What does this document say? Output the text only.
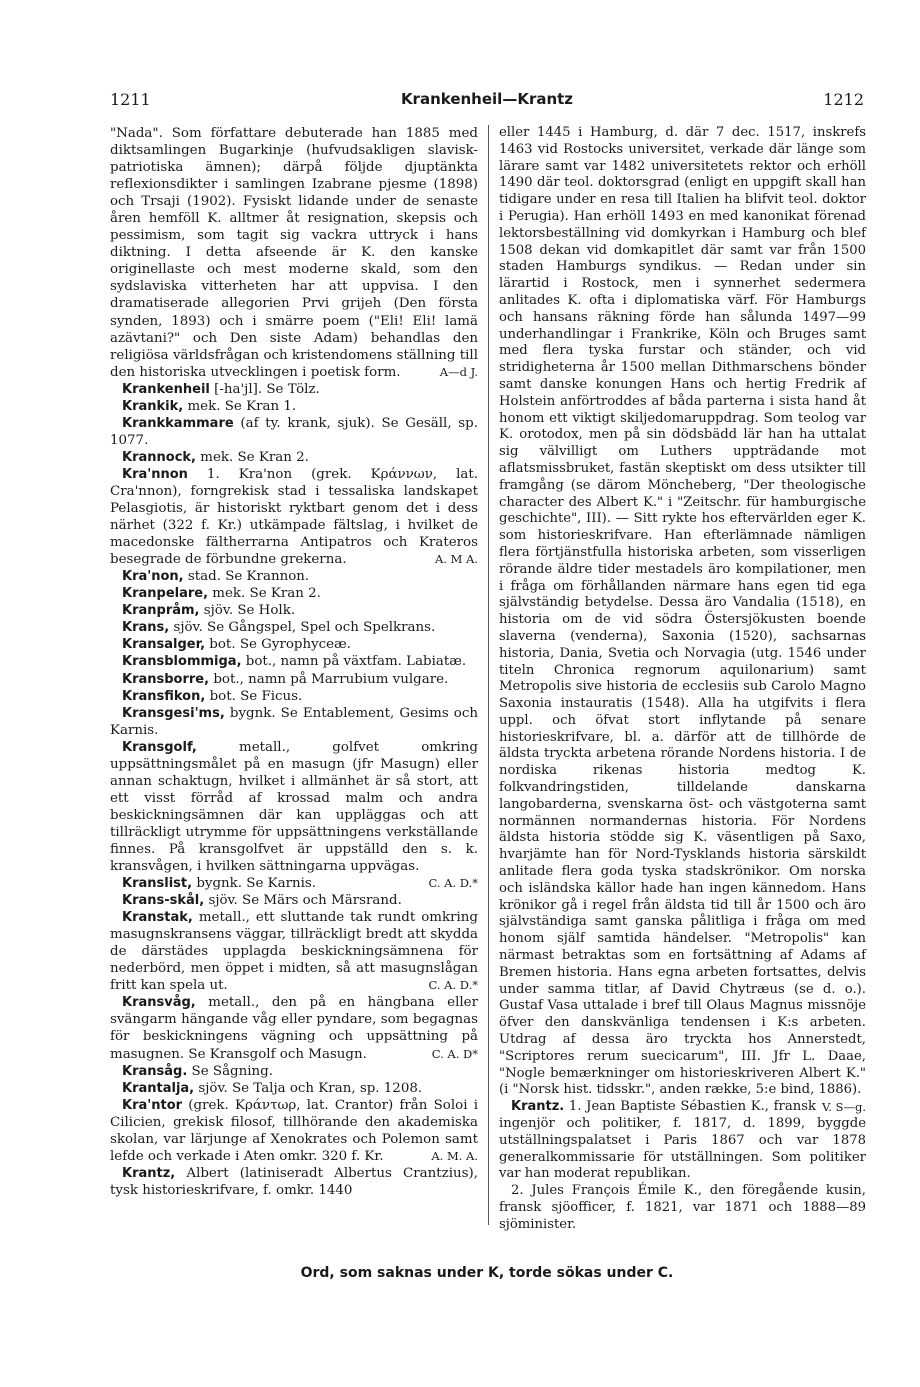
1211	Krankenheil—Krantz	1212

"Nada". Som författare debuterade han 1885 med diktsamlingen Bugarkinje (hufvudsakligen slavisk-patriotiska ämnen); därpå följde djuptänkta reflexionsdikter i samlingen Izabrane pjesme (1898) och Trsaji (1902). Fysiskt lidande under de senaste åren hemföll K. alltmer åt resignation, skepsis och pessimism, som tagit sig vackra uttryck i hans diktning. I detta afseende är K. den kanske originellaste och mest moderne skald, som den sydslaviska vitterheten har att uppvisa. I den dramatiserade allegorien Prvi grijeh (Den första synden, 1893) och i smärre poem ("Eli! Eli! lamä azävtani?" och Den siste Adam) behandlas den religiösa världsfrågan och kristendomens ställning till den historiska utvecklingen i poetisk form.	A—d J.

Krankenheil [-ha'jl]. Se Tölz.

Krankik, mek. Se Kran 1.

Krankkammare (af ty. krank, sjuk). Se Gesäll, sp. 1077.

Krannock, mek. Se Kran 2.

Kra'nnon 1. Kra'non (grek. Κράννων, lat. Cra'nnon), forngrekisk stad i tessaliska landskapet Pelasgiotis, är historiskt ryktbart genom det i dess närhet (322 f. Kr.) utkämpade fältslag, i hvilket de macedonske fältherrarna Antipatros och Krateros besegrade de förbundne grekerna.	A. M A.

Kra'non, stad. Se Krannon.

Kranpelare, mek. Se Kran 2.

Kranpråm, sjöv. Se Holk.

Krans, sjöv. Se Gångspel, Spel och Spelkrans.

Kransalger, bot. Se Gyrophyceæ.

Kransblommiga, bot., namn på växtfam. Labiatæ.

Kransborre, bot., namn på Marrubium vulgare.

Kransfikon, bot. Se Ficus.

Kransgesi'ms, bygnk. Se Entablement, Gesims och Karnis.

Kransgolf, metall., golfvet omkring uppsättningsmålet på en masugn (jfr Masugn) eller annan schaktugn, hvilket i allmänhet är så stort, att ett visst förråd af krossad malm och andra beskickningsämnen där kan uppläggas och att tillräckligt utrymme för uppsättningens verkställande finnes. På kransgolfvet är uppställd den s. k. kransvågen, i hvilken sättningarna uppvägas.
C. A. D.*

Kranslist, bygnk. Se Karnis.

Krans-skål, sjöv. Se Märs och Märsrand.

Kranstak, metall., ett sluttande tak rundt omkring masugnskransens väggar, tillräckligt bredt att skydda de därstädes upplagda beskickningsämnena för nederbörd, men öppet i midten, så att masugnslågan fritt kan spela ut.	C. A. D.*

Kransvåg, metall., den på en hängbana eller svängarm hängande våg eller pyndare, som begagnas för beskickningens vägning och uppsättning på masugnen. Se Kransgolf och Masugn.	C. A. D*

Kransåg. Se Sågning.

Krantalja, sjöv. Se Talja och Kran, sp. 1208.

Kra'ntor (grek. Κράντωρ, lat. Crantor) från Soloi i Cilicien, grekisk filosof, tillhörande den akademiska skolan, var lärjunge af Xenokrates och Polemon samt lefde och verkade i Aten omkr. 320 f. Kr.	A. M. A.

Krantz, Albert (latiniseradt Albertus Crantzius), tysk historieskrifvare, f. omkr. 1440

eller 1445 i Hamburg, d. där 7 dec. 1517, inskrefs 1463 vid Rostocks universitet, verkade där länge som lärare samt var 1482 universitetets rektor och erhöll 1490 där teol. doktorsgrad (enligt en uppgift skall han tidigare under en resa till Italien ha blifvit teol. doktor i Perugia). Han erhöll 1493 en med kanonikat förenad lektorsbeställning vid domkyrkan i Hamburg och blef 1508 dekan vid domkapitlet där samt var från 1500 staden Hamburgs syndikus. — Redan under sin lärartid i Rostock, men i synnerhet sedermera anlitades K. ofta i diplomatiska värf. För Hamburgs och hansans räkning förde han sålunda 1497—99 underhandlingar i Frankrike, Köln och Bruges samt med flera tyska furstar och ständer, och vid stridigheterna år 1500 mellan Dithmarschens bönder samt danske konungen Hans och hertig Fredrik af Holstein anförtroddes af båda parterna i sista hand åt honom ett viktigt skiljedomaruppdrag. Som teolog var K. orotodox, men på sin dödsbädd lär han ha uttalat sig välvilligt om Luthers uppträdande mot aflatsmissbruket, fastän skeptiskt om dess utsikter till framgång (se därom Möncheberg, "Der theologische character des Albert K." i "Zeitschr. für hamburgische geschichte", III). — Sitt rykte hos eftervärlden eger K. som historieskrifvare. Han efterlämnade nämligen flera förtjänstfulla historiska arbeten, som visserligen rörande äldre tider mestadels äro kompilationer, men i fråga om förhållanden närmare hans egen tid ega självständig betydelse. Dessa äro Vandalia (1518), en historia om de vid södra Östersjökusten boende slaverna (venderna), Saxonia (1520), sachsarnas historia, Dania, Svetia och Norvagia (utg. 1546 under titeln Chronica regnorum aquilonarium) samt Metropolis sive historia de ecclesiis sub Carolo Magno Saxonia instauratis (1548). Alla ha utgifvits i flera uppl. och öfvat stort inflytande på senare historieskrifvare, bl. a. därför att de tillhörde de äldsta tryckta arbetena rörande Nordens historia. I de nordiska rikenas historia medtog K. folkvandringstiden, tilldelande danskarna langobarderna, svenskarna öst- och västgoterna samt normännen normandernas historia. För Nordens äldsta historia stödde sig K. väsentligen på Saxo, hvarjämte han för Nord-Tysklands historia särskildt anlitade flera goda tyska stadskrönikor. Om norska och isländska källor hade han ingen kännedom. Hans krönikor gå i regel från äldsta tid till år 1500 och äro självständiga samt ganska pålitliga i fråga om med honom själf samtida händelser. "Metropolis" kan närmast betraktas som en fortsättning af Adams af Bremen historia. Hans egna arbeten fortsattes, delvis under samma titlar, af David Chytræus (se d. o.). Gustaf Vasa uttalade i bref till Olaus Magnus missnöje öfver den danskvänliga tendensen i K:s arbeten. Utdrag af dessa äro tryckta hos Annerstedt, "Scriptores rerum suecicarum", III. Jfr L. Daae, "Nogle bemærkninger om historieskriveren Albert K." (i "Norsk hist. tidsskr.", anden række, 5:e bind, 1886).
V. S—g.

Krantz. 1. Jean Baptiste Sébastien K., fransk ingenjör och politiker, f. 1817, d. 1899, byggde utställningspalatset i Paris 1867 och var 1878 generalkommissarie för utställningen. Som politiker var han moderat republikan.

2. Jules François Émile K., den föregående kusin, fransk sjöofficer, f. 1821, var 1871 och 1888—89 sjöminister.

Ord, som saknas under K, torde sökas under C.
